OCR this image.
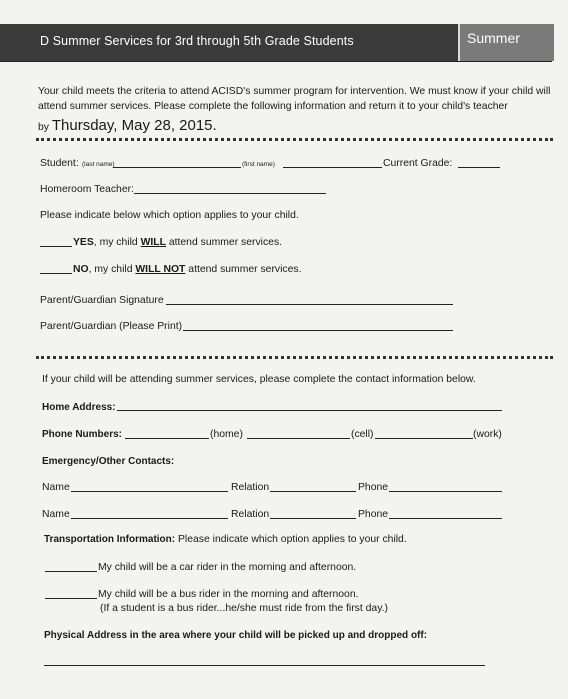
D Summer Services for 3rd through 5th Grade Students	Summer
Your child meets the criteria to attend ACISD's summer program for intervention. We must know if your child will attend summer services. Please complete the following information and return it to your child's teacher
by Thursday, May 28, 2015.
Student: (last name)	(first name)	Current Grade:
Homeroom Teacher:
Please indicate below which option applies to your child.
YES, my child WILL attend summer services.
NO, my child WILL NOT attend summer services.
Parent/Guardian Signature
Parent/Guardian (Please Print)
If your child will be attending summer services, please complete the contact information below.
Home Address:
Phone Numbers:	(home)	(cell)	(work)
Emergency/Other Contacts:
Name	Relation	Phone
Name	Relation	Phone
Transportation Information: Please indicate which option applies to your child.
My child will be a car rider in the morning and afternoon.
My child will be a bus rider in the morning and afternoon.
(If a student is a bus rider...he/she must ride from the first day.)
Physical Address in the area where your child will be picked up and dropped off:
